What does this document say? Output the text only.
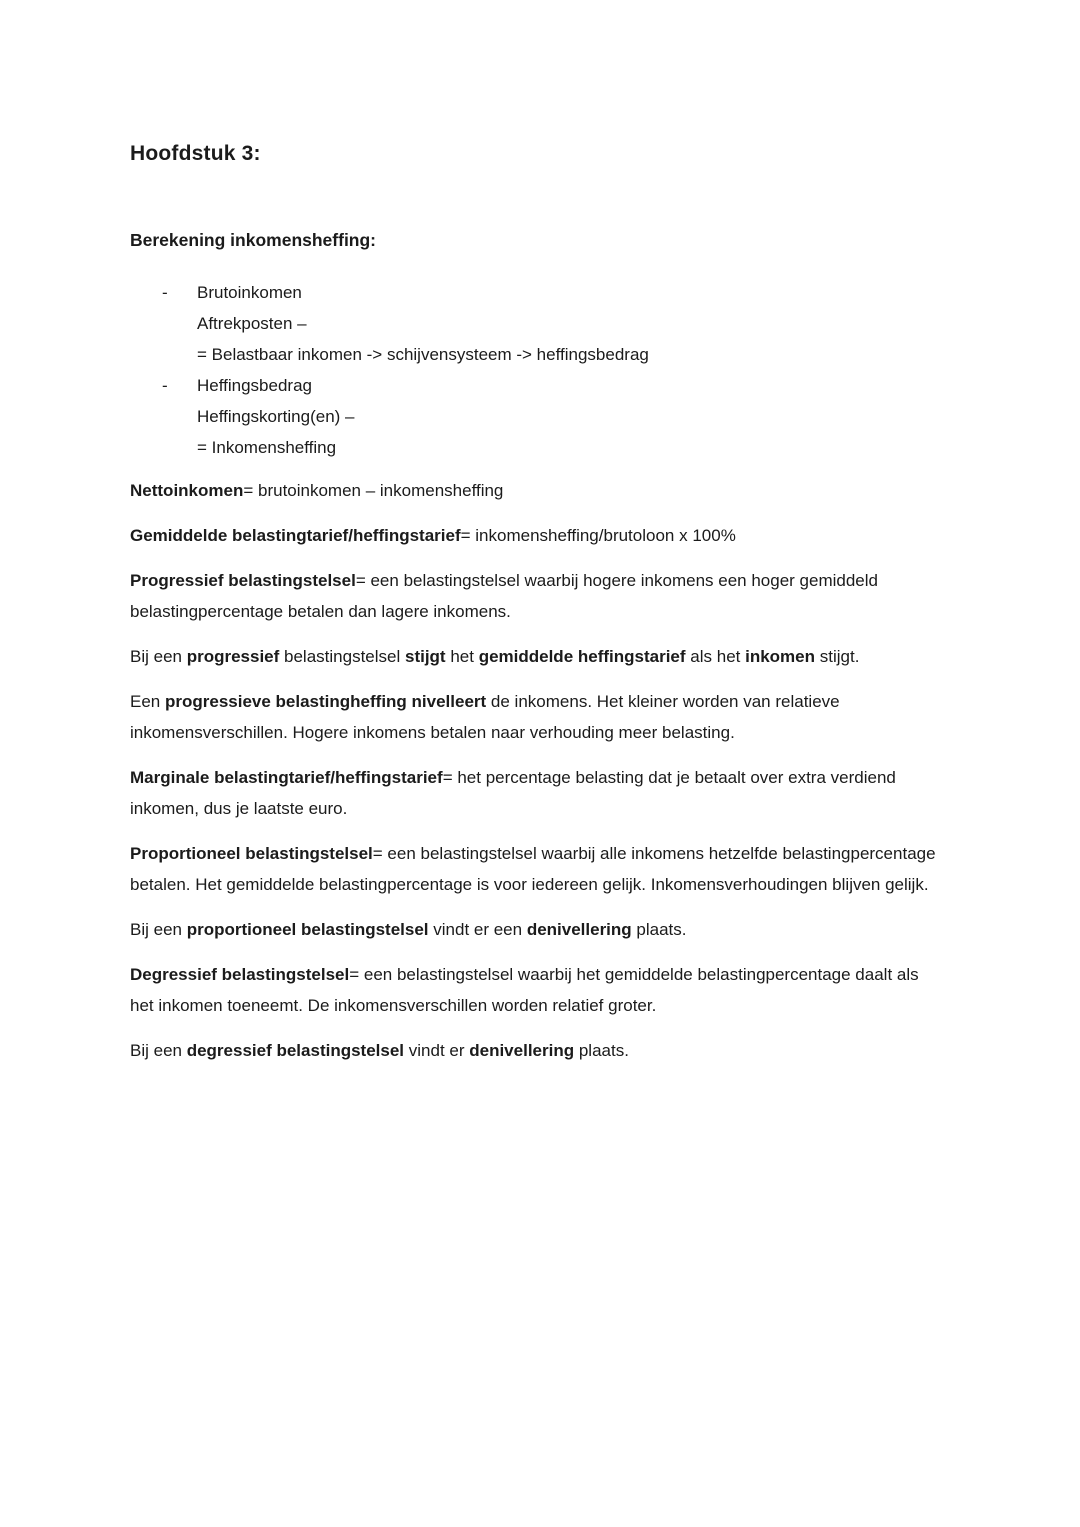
Hoofdstuk 3:
Berekening inkomensheffing:
-	Brutoinkomen
Aftrekposten –
= Belastbaar inkomen -> schijvensysteem -> heffingsbedrag
-	Heffingsbedrag
Heffingskorting(en) –
= Inkomensheffing

Nettoinkomen= brutoinkomen – inkomensheffing

Gemiddelde belastingtarief/heffingstarief= inkomensheffing/brutoloon x 100%

Progressief belastingstelsel= een belastingstelsel waarbij hogere inkomens een hoger gemiddeld belastingpercentage betalen dan lagere inkomens.

Bij een progressief belastingstelsel stijgt het gemiddelde heffingstarief als het inkomen stijgt.

Een progressieve belastingheffing nivelleert de inkomens. Het kleiner worden van relatieve inkomensverschillen. Hogere inkomens betalen naar verhouding meer belasting.

Marginale belastingtarief/heffingstarief= het percentage belasting dat je betaalt over extra verdiend inkomen, dus je laatste euro.

Proportioneel belastingstelsel= een belastingstelsel waarbij alle inkomens hetzelfde belastingpercentage betalen. Het gemiddelde belastingpercentage is voor iedereen gelijk. Inkomensverhoudingen blijven gelijk.

Bij een proportioneel belastingstelsel vindt er een denivellering plaats.

Degressief belastingstelsel= een belastingstelsel waarbij het gemiddelde belastingpercentage daalt als het inkomen toeneemt. De inkomensverschillen worden relatief groter.

Bij een degressief belastingstelsel vindt er denivellering plaats.
